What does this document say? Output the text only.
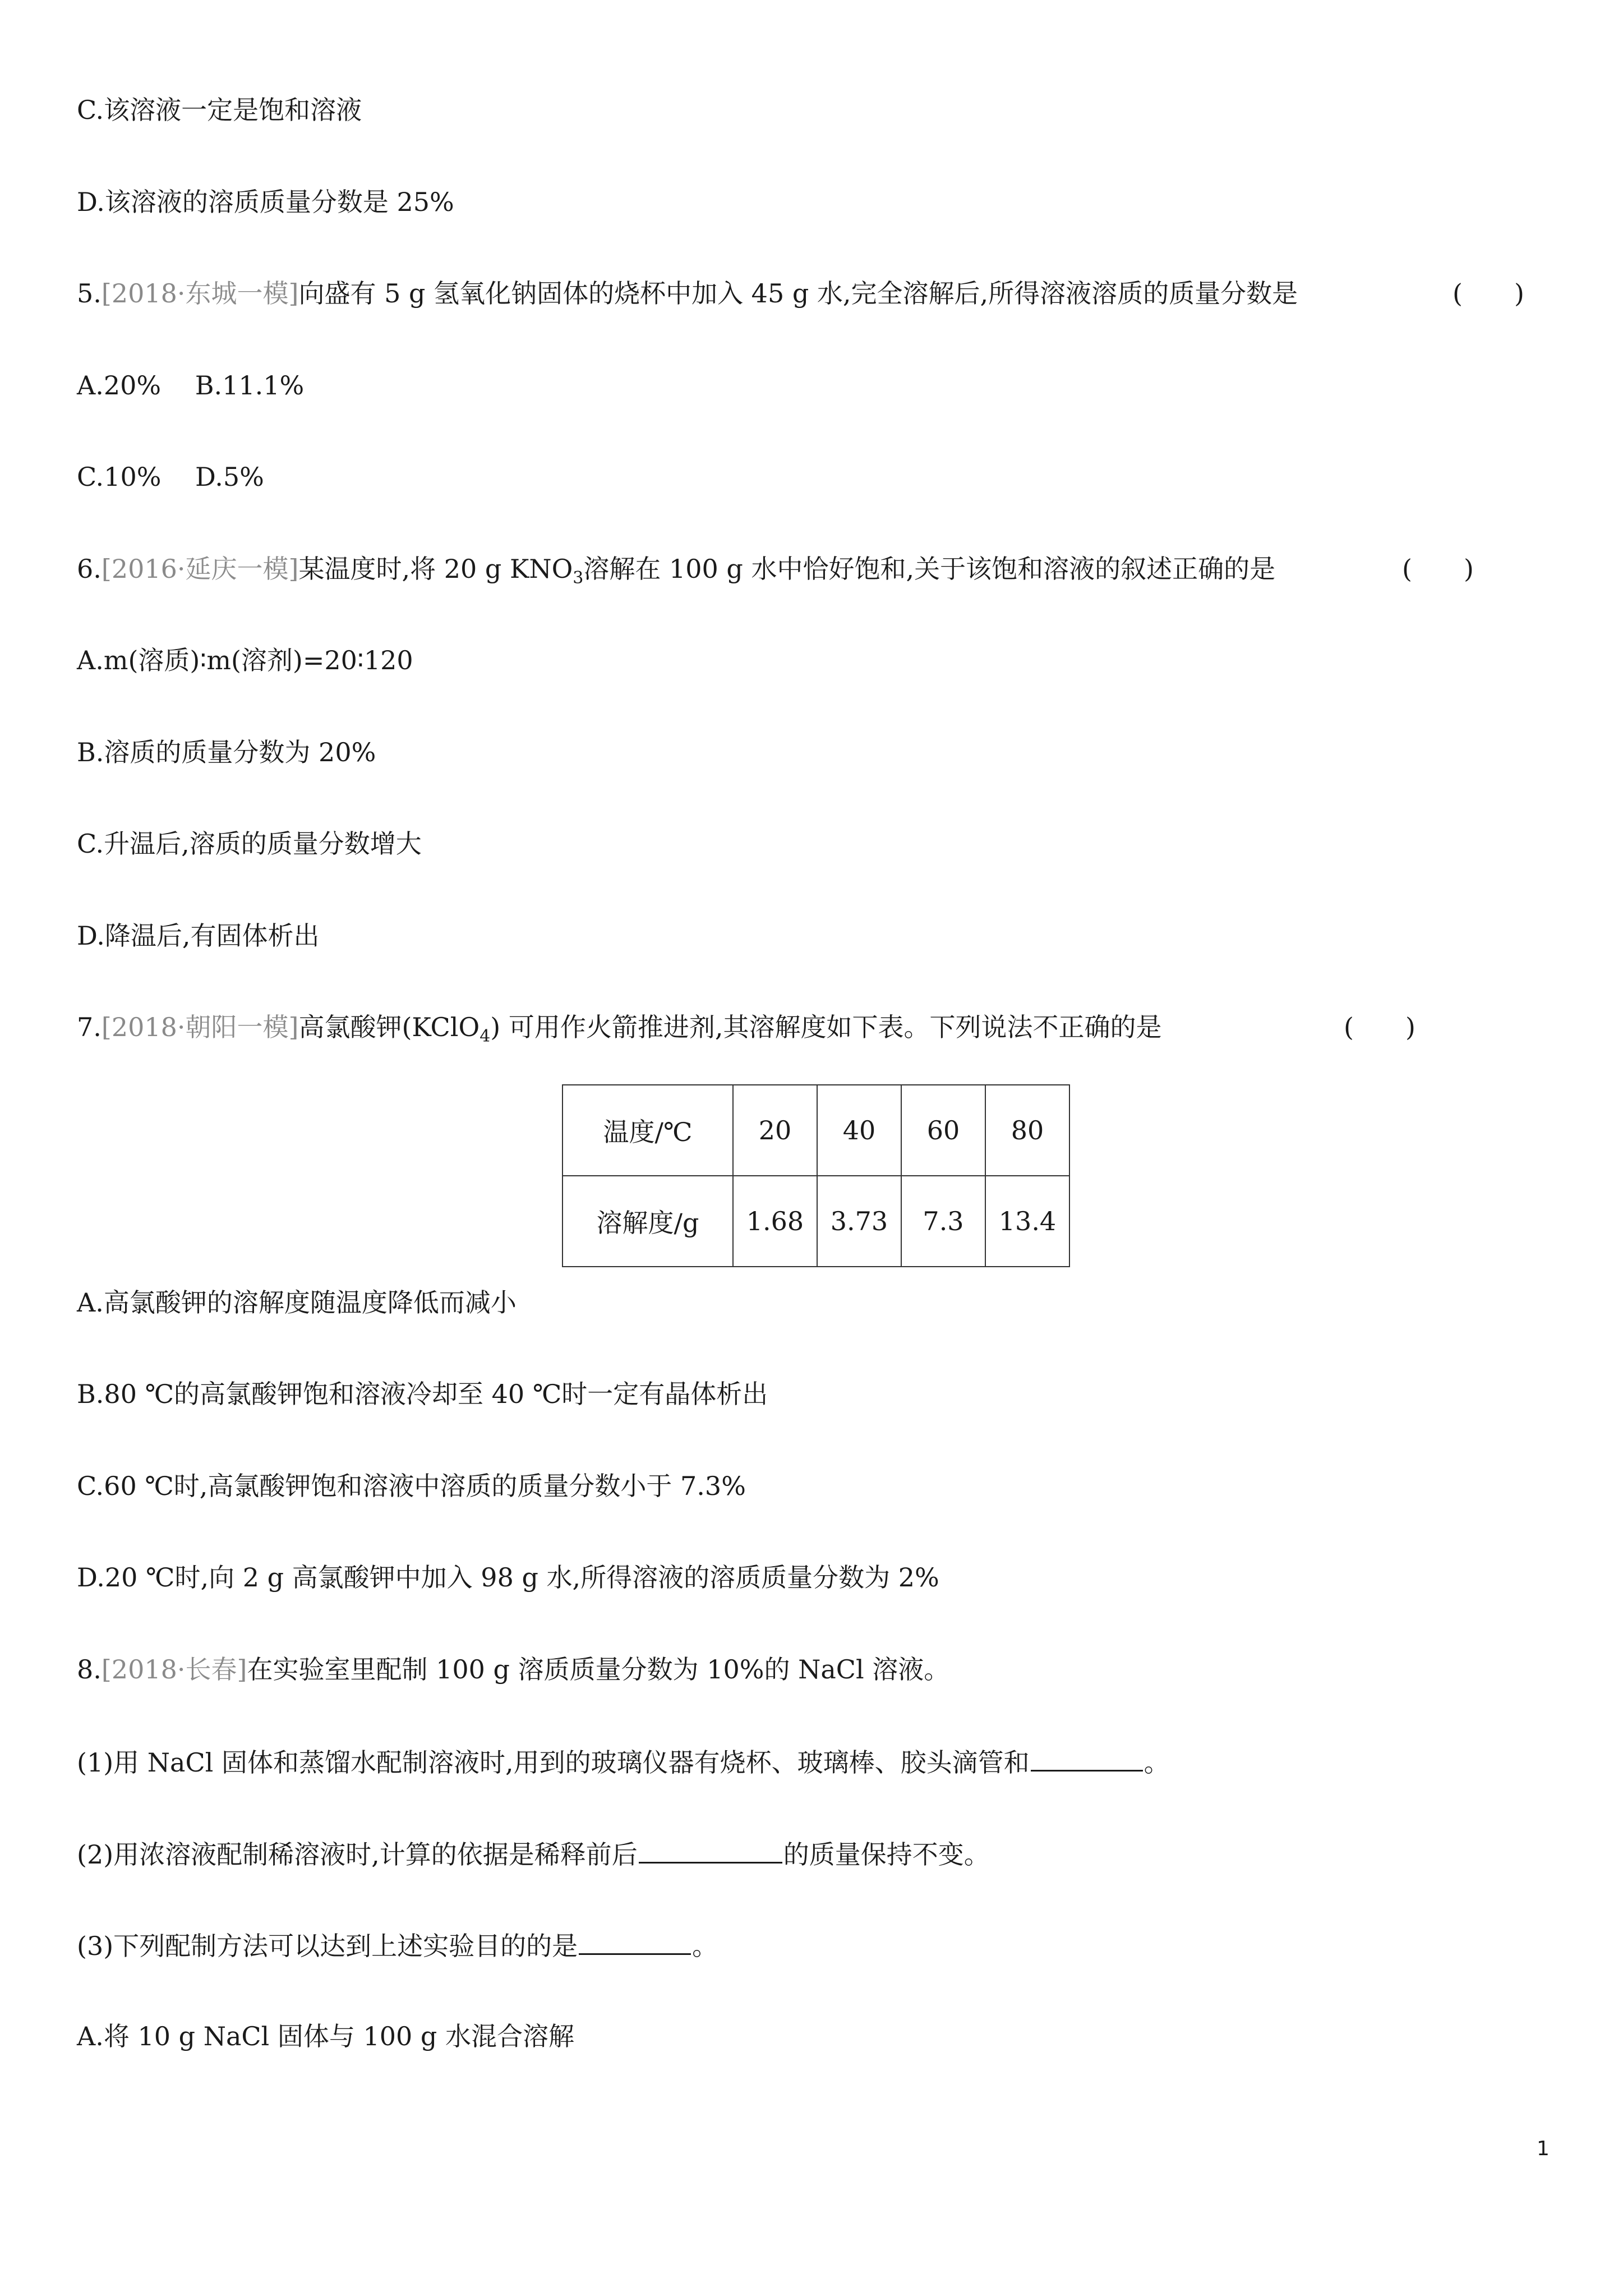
C.该溶液一定是饱和溶液

D.该溶液的溶质质量分数是 25%

5.[2018·东城一模]向盛有 5 g 氢氧化钠固体的烧杯中加入 45 g 水,完全溶解后,所得溶液溶质的质量分数是	(　　)

A.20%　 B.11.1%

C.10%　 D.5%

6.[2016·延庆一模]某温度时,将 20 g $KNO_3$溶解在 100 g 水中恰好饱和,关于该饱和溶液的叙述正确的是	(　　)

A.m(溶质)∶m(溶剂)=20∶120

B.溶质的质量分数为 20%

C.升温后,溶质的质量分数增大

D.降温后,有固体析出

7.[2018·朝阳一模]高氯酸钾(KClO$_4$) 可用作火箭推进剂,其溶解度如下表。下列说法不正确的是	(　　)
温度/℃	20	40	60	80
溶解度/g	1.68	3.73	7.3	13.4

A.高氯酸钾的溶解度随温度降低而减小

B.80 ℃的高氯酸钾饱和溶液冷却至 40 ℃时一定有晶体析出

C.60 ℃时,高氯酸钾饱和溶液中溶质的质量分数小于 7.3%

D.20 ℃时,向 2 g 高氯酸钾中加入 98 g 水,所得溶液的溶质质量分数为 2%

8.[2018·长春]在实验室里配制 100 g 溶质质量分数为 10%的 NaCl 溶液。

(1)用 NaCl 固体和蒸馏水配制溶液时,用到的玻璃仪器有烧杯、玻璃棒、胶头滴管和	。

(2)用浓溶液配制稀溶液时,计算的依据是稀释前后	的质量保持不变。

(3)下列配制方法可以达到上述实验目的的是	。

A.将 10 g NaCl 固体与 100 g 水混合溶解

1
